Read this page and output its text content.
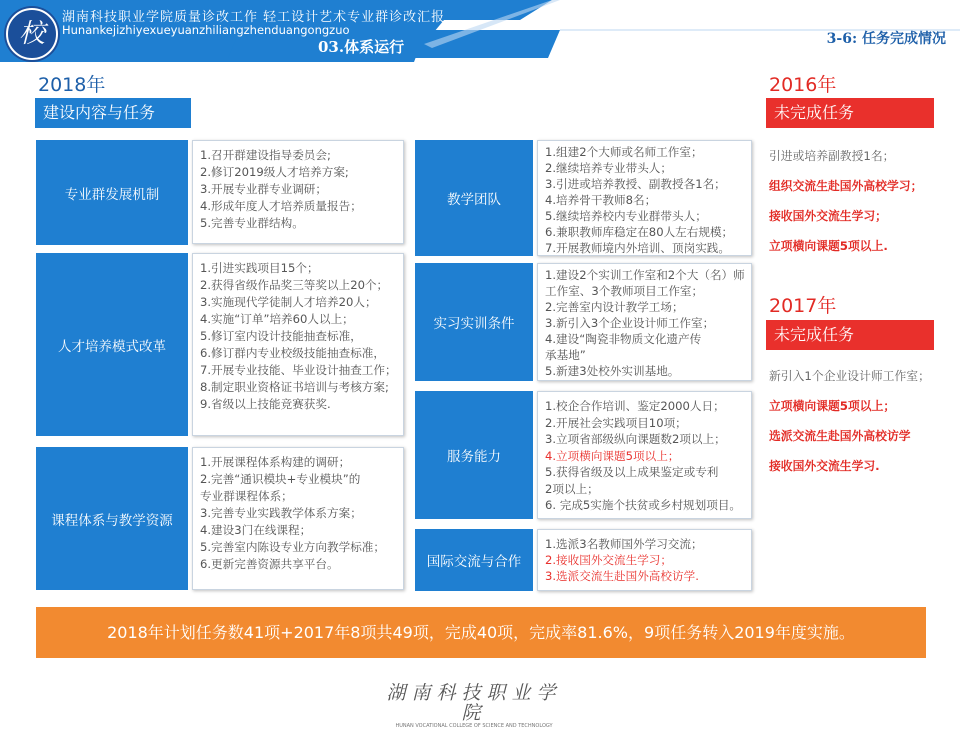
校
湖南科技职业学院质量诊改工作 轻工设计艺术专业群诊改汇报
Hunankejizhiyexueyuanzhiliangzhenduangongzuo
03.体系运行	3-6: 任务完成情况
2018年
建设内容与任务
专业群发展机制
1.召开群建设指导委员会;
2.修订2019级人才培养方案;
3.开展专业群专业调研；
4.形成年度人才培养质量报告；
5.完善专业群结构。
人才培养模式改革
1.引进实践项目15个；
2.获得省级作品奖三等奖以上20个；
3.实施现代学徒制人才培养20人；
4.实施“订单”培养60人以上；
5.修订室内设计技能抽查标准，
6.修订群内专业校级技能抽查标准，
7.开展专业技能、毕业设计抽查工作；
8.制定职业资格证书培训与考核方案;
9.省级以上技能竞赛获奖.
课程体系与教学资源
1.开展课程体系构建的调研；
2.完善“通识模块+专业模块”的
专业群课程体系；
3.完善专业实践教学体系方案；
4.建设3门在线课程；
5.完善室内陈设专业方向教学标准；
6.更新完善资源共享平台。
教学团队
1.组建2个大师或名师工作室；
2.继续培养专业带头人；
3.引进或培养教授、副教授各1名；
4.培养骨干教师8名；
5.继续培养校内专业群带头人；
6.兼职教师库稳定在80人左右规模；
7.开展教师境内外培训、顶岗实践。
实习实训条件
1.建设2个实训工作室和2个大（名）师
工作室、3个教师项目工作室；
2.完善室内设计教学工场；
3.新引入3个企业设计师工作室；
4.建设“陶瓷非物质文化遗产传
承基地”
5.新建3处校外实训基地。
服务能力
1.校企合作培训、鉴定2000人日；
2.开展社会实践项目10项；
3.立项省部级纵向课题数2项以上；
4.立项横向课题5项以上；
5.获得省级及以上成果鉴定或专利
2项以上；
6. 完成5实施个扶贫或乡村规划项目。
国际交流与合作
1.选派3名教师国外学习交流；
2.接收国外交流生学习；
3.选派交流生赴国外高校访学.
2016年
未完成任务
引进或培养副教授1名；
组织交流生赴国外高校学习；
接收国外交流生学习；
立项横向课题5项以上.
2017年
未完成任务
新引入1个企业设计师工作室；
立项横向课题5项以上；
选派交流生赴国外高校访学
接收国外交流生学习.
2018年计划任务数41项+2017年8项共49项，完成40项，完成率81.6%，9项任务转入2019年度实施。
湖南科技职业学院
HUNAN VOCATIONAL COLLEGE OF SCIENCE AND TECHNOLOGY
